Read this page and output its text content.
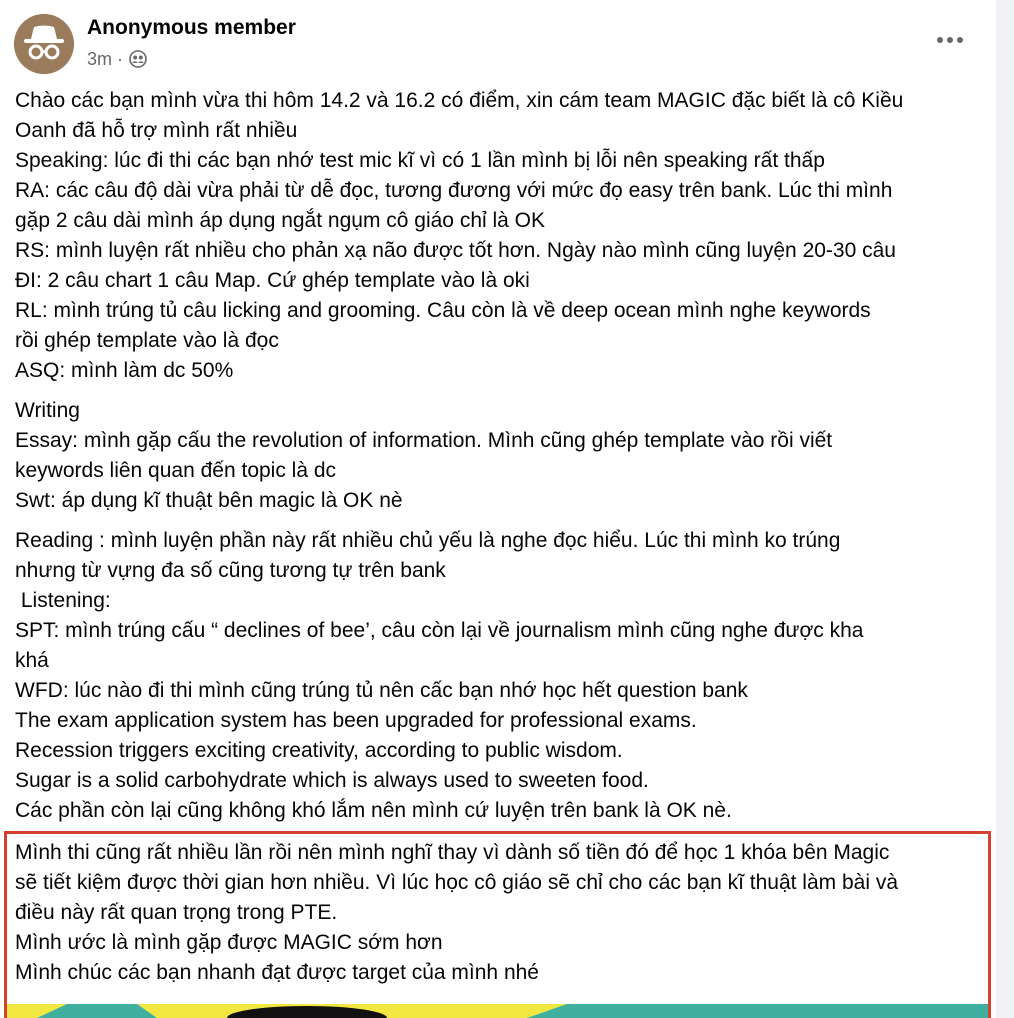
Anonymous member
3m ·
Chào các bạn mình vừa thi hôm 14.2 và 16.2 có điểm, xin cám team MAGIC đặc biết là cô Kiều
Oanh đã hỗ trợ mình rất nhiều
Speaking: lúc đi thi các bạn nhớ test mic kĩ vì có 1 lần mình bị lỗi nên speaking rất thấp
RA: các câu độ dài vừa phải từ dễ đọc, tương đương với mức đọ easy trên bank. Lúc thi mình
gặp 2 câu dài mình áp dụng ngắt ngụm cô giáo chỉ là OK
RS: mình luyện rất nhiều cho phản xạ não được tốt hơn. Ngày nào mình cũng luyện 20-30 câu
ĐI: 2 câu chart 1 câu Map. Cứ ghép template vào là oki
RL: mình trúng tủ câu licking and grooming. Câu còn là về deep ocean mình nghe keywords
rồi ghép template vào là đọc
ASQ: mình làm dc 50%
Writing
Essay: mình gặp cấu the revolution of information. Mình cũng ghép template vào rồi viết
keywords liên quan đến topic là dc
Swt: áp dụng kĩ thuật bên magic là OK nè
Reading : mình luyện phần này rất nhiều chủ yếu là nghe đọc hiểu. Lúc thi mình ko trúng
nhưng từ vựng đa số cũng tương tự trên bank
Listening:
SPT: mình trúng cấu “ declines of bee’, câu còn lại về journalism mình cũng nghe được kha
khá
WFD: lúc nào đi thi mình cũng trúng tủ nên cấc bạn nhớ học hết question bank
The exam application system has been upgraded for professional exams.
Recession triggers exciting creativity, according to public wisdom.
Sugar is a solid carbohydrate which is always used to sweeten food.
Các phần còn lại cũng không khó lắm nên mình cứ luyện trên bank là OK nè.
Mình thi cũng rất nhiều lần rồi nên mình nghĩ thay vì dành số tiền đó để học 1 khóa bên Magic
sẽ tiết kiệm được thời gian hơn nhiều. Vì lúc học cô giáo sẽ chỉ cho các bạn kĩ thuật làm bài và
điều này rất quan trọng trong PTE.
Mình ước là mình gặp được MAGIC sớm hơn
Mình chúc các bạn nhanh đạt được target của mình nhé
